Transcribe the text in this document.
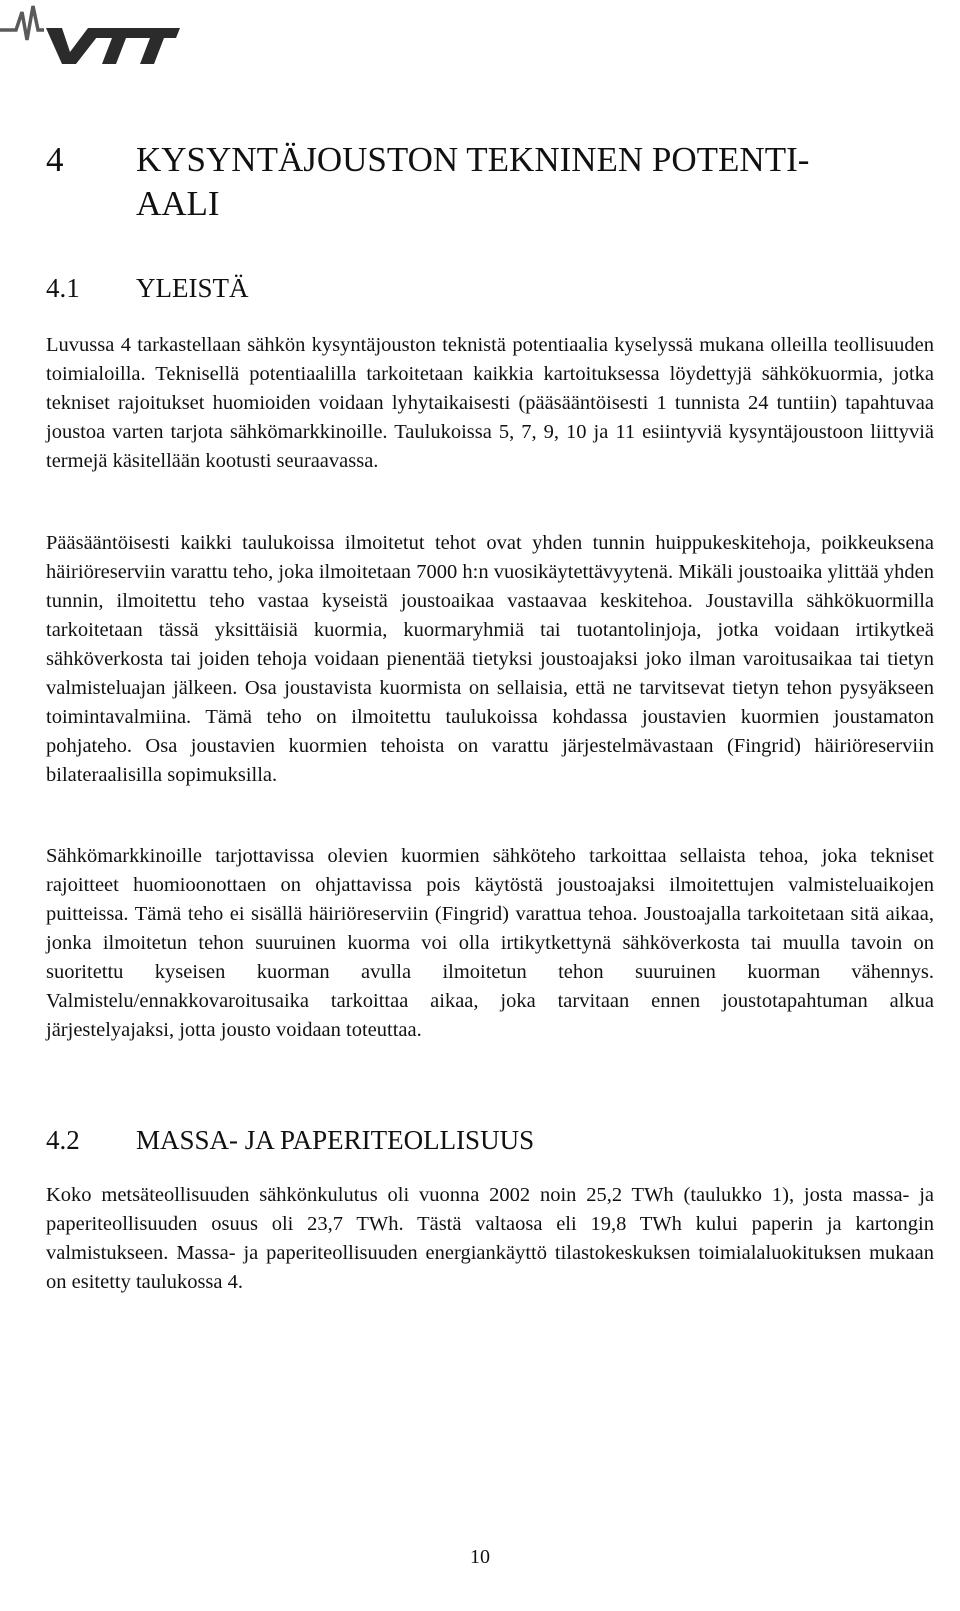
4 KYSYNTÄJOUSTON TEKNINEN POTENTI-
AALI
4.1 YLEISTÄ

Luvussa 4 tarkastellaan sähkön kysyntäjouston teknistä potentiaalia kyselyssä mukana olleilla teollisuuden toimialoilla. Teknisellä potentiaalilla tarkoitetaan kaikkia kartoituksessa löydettyjä sähkökuormia, jotka tekniset rajoitukset huomioiden voidaan lyhytaikaisesti (pääsääntöisesti 1 tunnista 24 tuntiin) tapahtuvaa joustoa varten tarjota sähkömarkkinoille. Taulukoissa 5, 7, 9, 10 ja 11 esiintyviä kysyntäjoustoon liittyviä termejä käsitellään kootusti seuraavassa.

Pääsääntöisesti kaikki taulukoissa ilmoitetut tehot ovat yhden tunnin huippukeskitehoja, poikkeuksena häiriöreserviin varattu teho, joka ilmoitetaan 7000 h:n vuosikäytettävyytenä. Mikäli joustoaika ylittää yhden tunnin, ilmoitettu teho vastaa kyseistä joustoaikaa vastaavaa keskitehoa. Joustavilla sähkökuormilla tarkoitetaan tässä yksittäisiä kuormia, kuormaryhmiä tai tuotantolinjoja, jotka voidaan irtikytkeä sähköverkosta tai joiden tehoja voidaan pienentää tietyksi joustoajaksi joko ilman varoitusaikaa tai tietyn valmisteluajan jälkeen. Osa joustavista kuormista on sellaisia, että ne tarvitsevat tietyn tehon pysyäkseen toimintavalmiina. Tämä teho on ilmoitettu taulukoissa kohdassa joustavien kuormien joustamaton pohjateho. Osa joustavien kuormien tehoista on varattu järjestelmävastaan (Fingrid) häiriöreserviin bilateraalisilla sopimuksilla.

Sähkömarkkinoille tarjottavissa olevien kuormien sähköteho tarkoittaa sellaista tehoa, joka tekniset rajoitteet huomioonottaen on ohjattavissa pois käytöstä joustoajaksi ilmoitettujen valmisteluaikojen puitteissa. Tämä teho ei sisällä häiriöreserviin (Fingrid) varattua tehoa. Joustoajalla tarkoitetaan sitä aikaa, jonka ilmoitetun tehon suuruinen kuorma voi olla irtikytkettynä sähköverkosta tai muulla tavoin on suoritettu kyseisen kuorman avulla ilmoitetun tehon suuruinen kuorman vähennys. Valmistelu/ennakkovaroitusaika tarkoittaa aikaa, joka tarvitaan ennen joustotapahtuman alkua järjestelyajaksi, jotta jousto voidaan toteuttaa.

4.2 MASSA- JA PAPERITEOLLISUUS

Koko metsäteollisuuden sähkönkulutus oli vuonna 2002 noin 25,2 TWh (taulukko 1), josta massa- ja paperiteollisuuden osuus oli 23,7 TWh. Tästä valtaosa eli 19,8 TWh kului paperin ja kartongin valmistukseen. Massa- ja paperiteollisuuden energiankäyttö tilastokeskuksen toimialaluokituksen mukaan on esitetty taulukossa 4.

10
